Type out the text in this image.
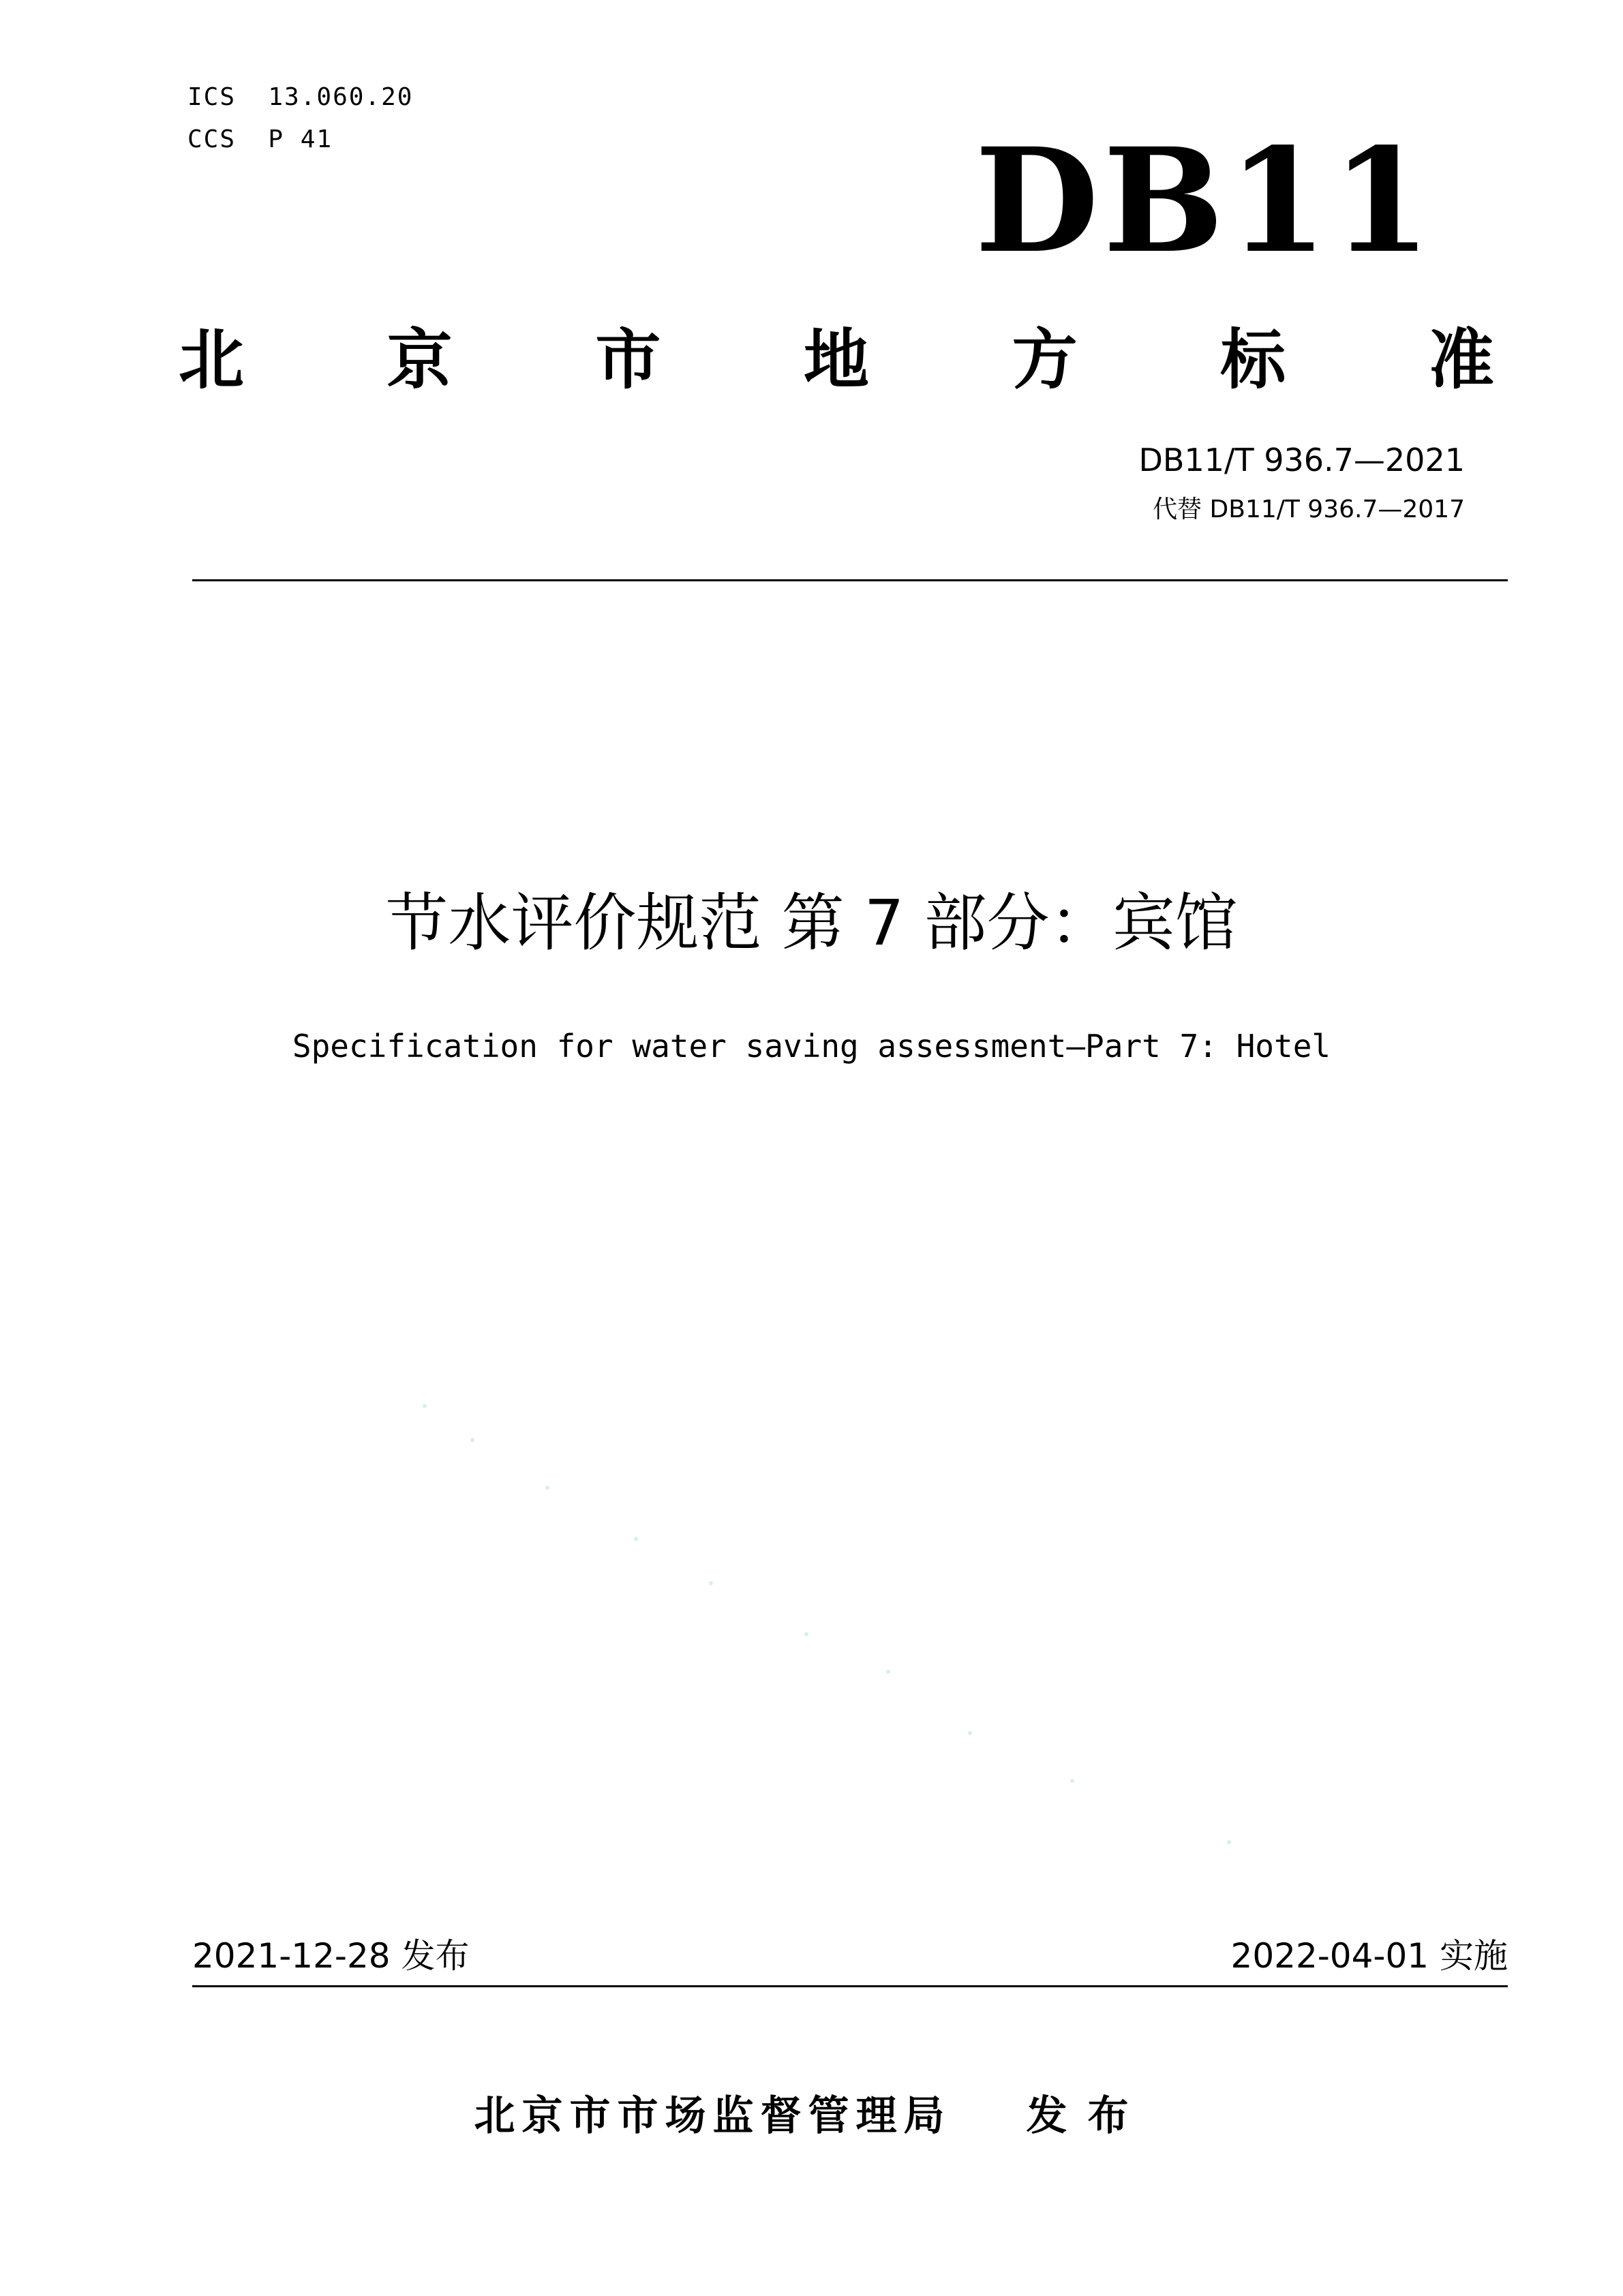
ICS  13.060.20
CCS  P 41	DB11
北 京 市 地 方 标 准
DB11/T 936.7—2021
代替 DB11/T 936.7—2017
节水评价规范 第 7 部分：宾馆
Specification for water saving assessment—Part 7: Hotel
2021-12-28 发布	2022-04-01 实施
北京市市场监督管理局 发布
